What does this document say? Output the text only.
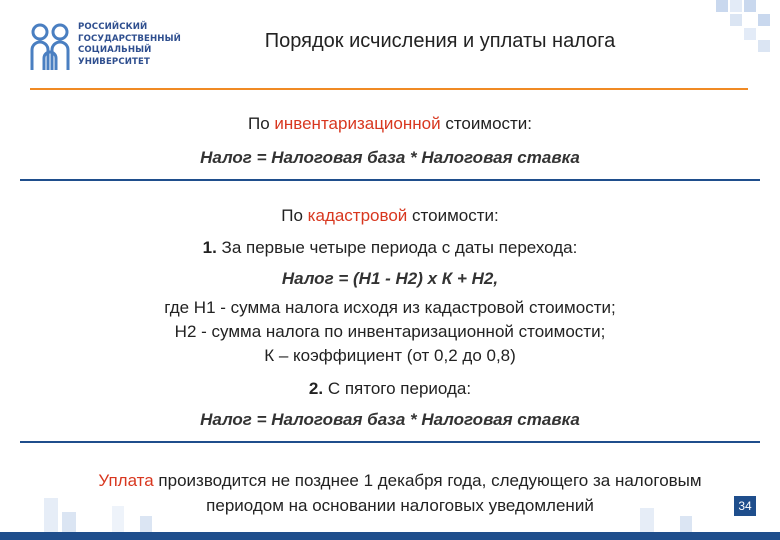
РОССИЙСКИЙ
ГОСУДАРСТВЕННЫЙ
СОЦИАЛЬНЫЙ
УНИВЕРСИТЕТ
Порядок исчисления и уплаты налога
По инвентаризационной стоимости:
Налог = Налоговая база * Налоговая ставка
По кадастровой стоимости:
1. За первые четыре периода с даты перехода:
Налог = (Н1 - Н2) х К + Н2,
где Н1 - сумма налога исходя из кадастровой стоимости;
Н2 - сумма налога по инвентаризационной стоимости;
К – коэффициент (от 0,2 до 0,8)
2. С пятого периода:
Налог = Налоговая база * Налоговая ставка
Уплата производится не позднее 1 декабря года, следующего за налоговым
периодом на основании налоговых уведомлений	34
